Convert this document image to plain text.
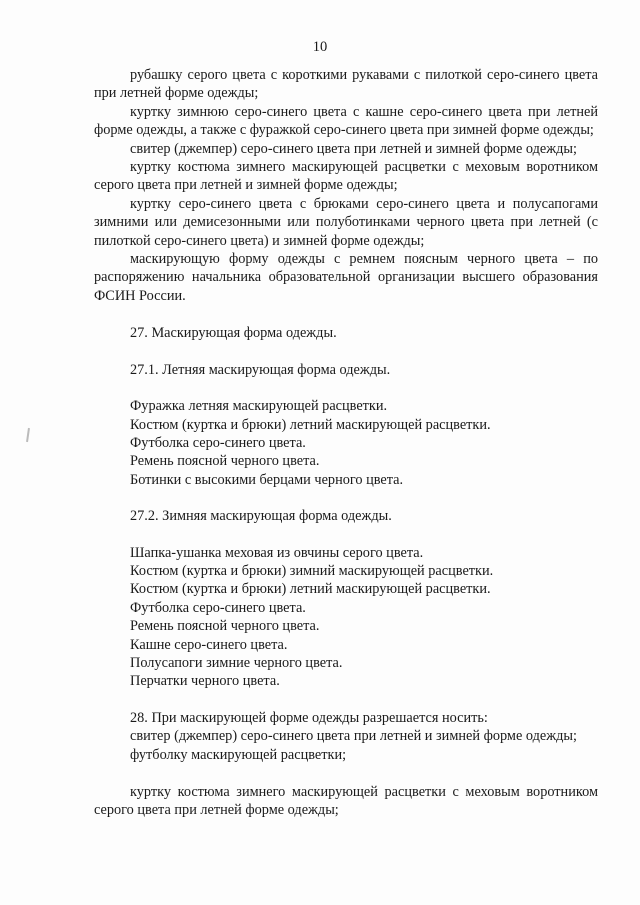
10

рубашку серого цвета с короткими рукавами с пилоткой серо-синего цвета при летней форме одежды;

куртку зимнюю серо-синего цвета с кашне серо-синего цвета при летней форме одежды, а также с фуражкой серо-синего цвета при зимней форме одежды;

свитер (джемпер) серо-синего цвета при летней и зимней форме одежды;

куртку костюма зимнего маскирующей расцветки с меховым воротником серого цвета при летней и зимней форме одежды;

куртку серо-синего цвета с брюками серо-синего цвета и полусапогами зимними или демисезонными или полуботинками черного цвета при летней (с пилоткой серо-синего цвета) и зимней форме одежды;

маскирующую форму одежды с ремнем поясным черного цвета – по распоряжению начальника образовательной организации высшего образования ФСИН России.

27. Маскирующая форма одежды.

27.1. Летняя маскирующая форма одежды.

Фуражка летняя маскирующей расцветки.

Костюм (куртка и брюки) летний маскирующей расцветки.

Футболка серо-синего цвета.

Ремень поясной черного цвета.

Ботинки с высокими берцами черного цвета.

27.2. Зимняя маскирующая форма одежды.

Шапка-ушанка меховая из овчины серого цвета.

Костюм (куртка и брюки) зимний маскирующей расцветки.

Костюм (куртка и брюки) летний маскирующей расцветки.

Футболка серо-синего цвета.

Ремень поясной черного цвета.

Кашне серо-синего цвета.

Полусапоги зимние черного цвета.

Перчатки черного цвета.

28. При маскирующей форме одежды разрешается носить:

свитер (джемпер) серо-синего цвета при летней и зимней форме одежды;

футболку маскирующей расцветки;

куртку костюма зимнего маскирующей расцветки с меховым воротником серого цвета при летней форме одежды;
